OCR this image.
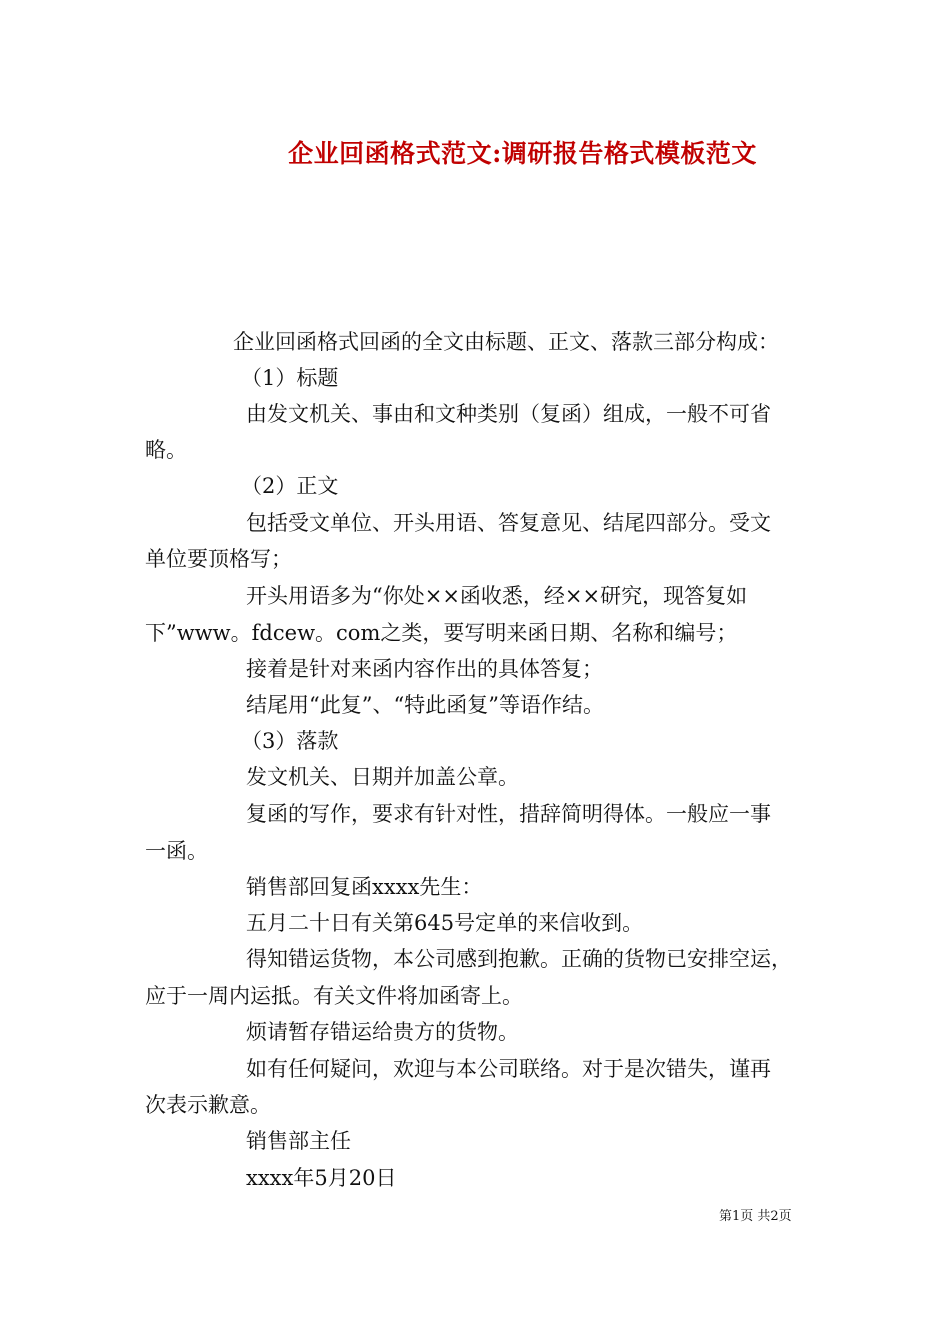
企业回函格式范文:调研报告格式模板范文
企业回函格式回函的全文由标题、正文、落款三部分构成：
（1）标题
由发文机关、事由和文种类别（复函）组成，一般不可省
略。
（2）正文
包括受文单位、开头用语、答复意见、结尾四部分。受文
单位要顶格写；
开头用语多为“你处××函收悉，经××研究，现答复如
下”www。fdcew。com之类，要写明来函日期、名称和编号；
接着是针对来函内容作出的具体答复；
结尾用“此复”、“特此函复”等语作结。
（3）落款
发文机关、日期并加盖公章。
复函的写作，要求有针对性，措辞简明得体。一般应一事
一函。
销售部回复函xxxx先生：
五月二十日有关第645号定单的来信收到。
得知错运货物，本公司感到抱歉。正确的货物已安排空运，
应于一周内运抵。有关文件将加函寄上。
烦请暂存错运给贵方的货物。
如有任何疑问，欢迎与本公司联络。对于是次错失，谨再
次表示歉意。
销售部主任
xxxx年5月20日
第1页 共2页
